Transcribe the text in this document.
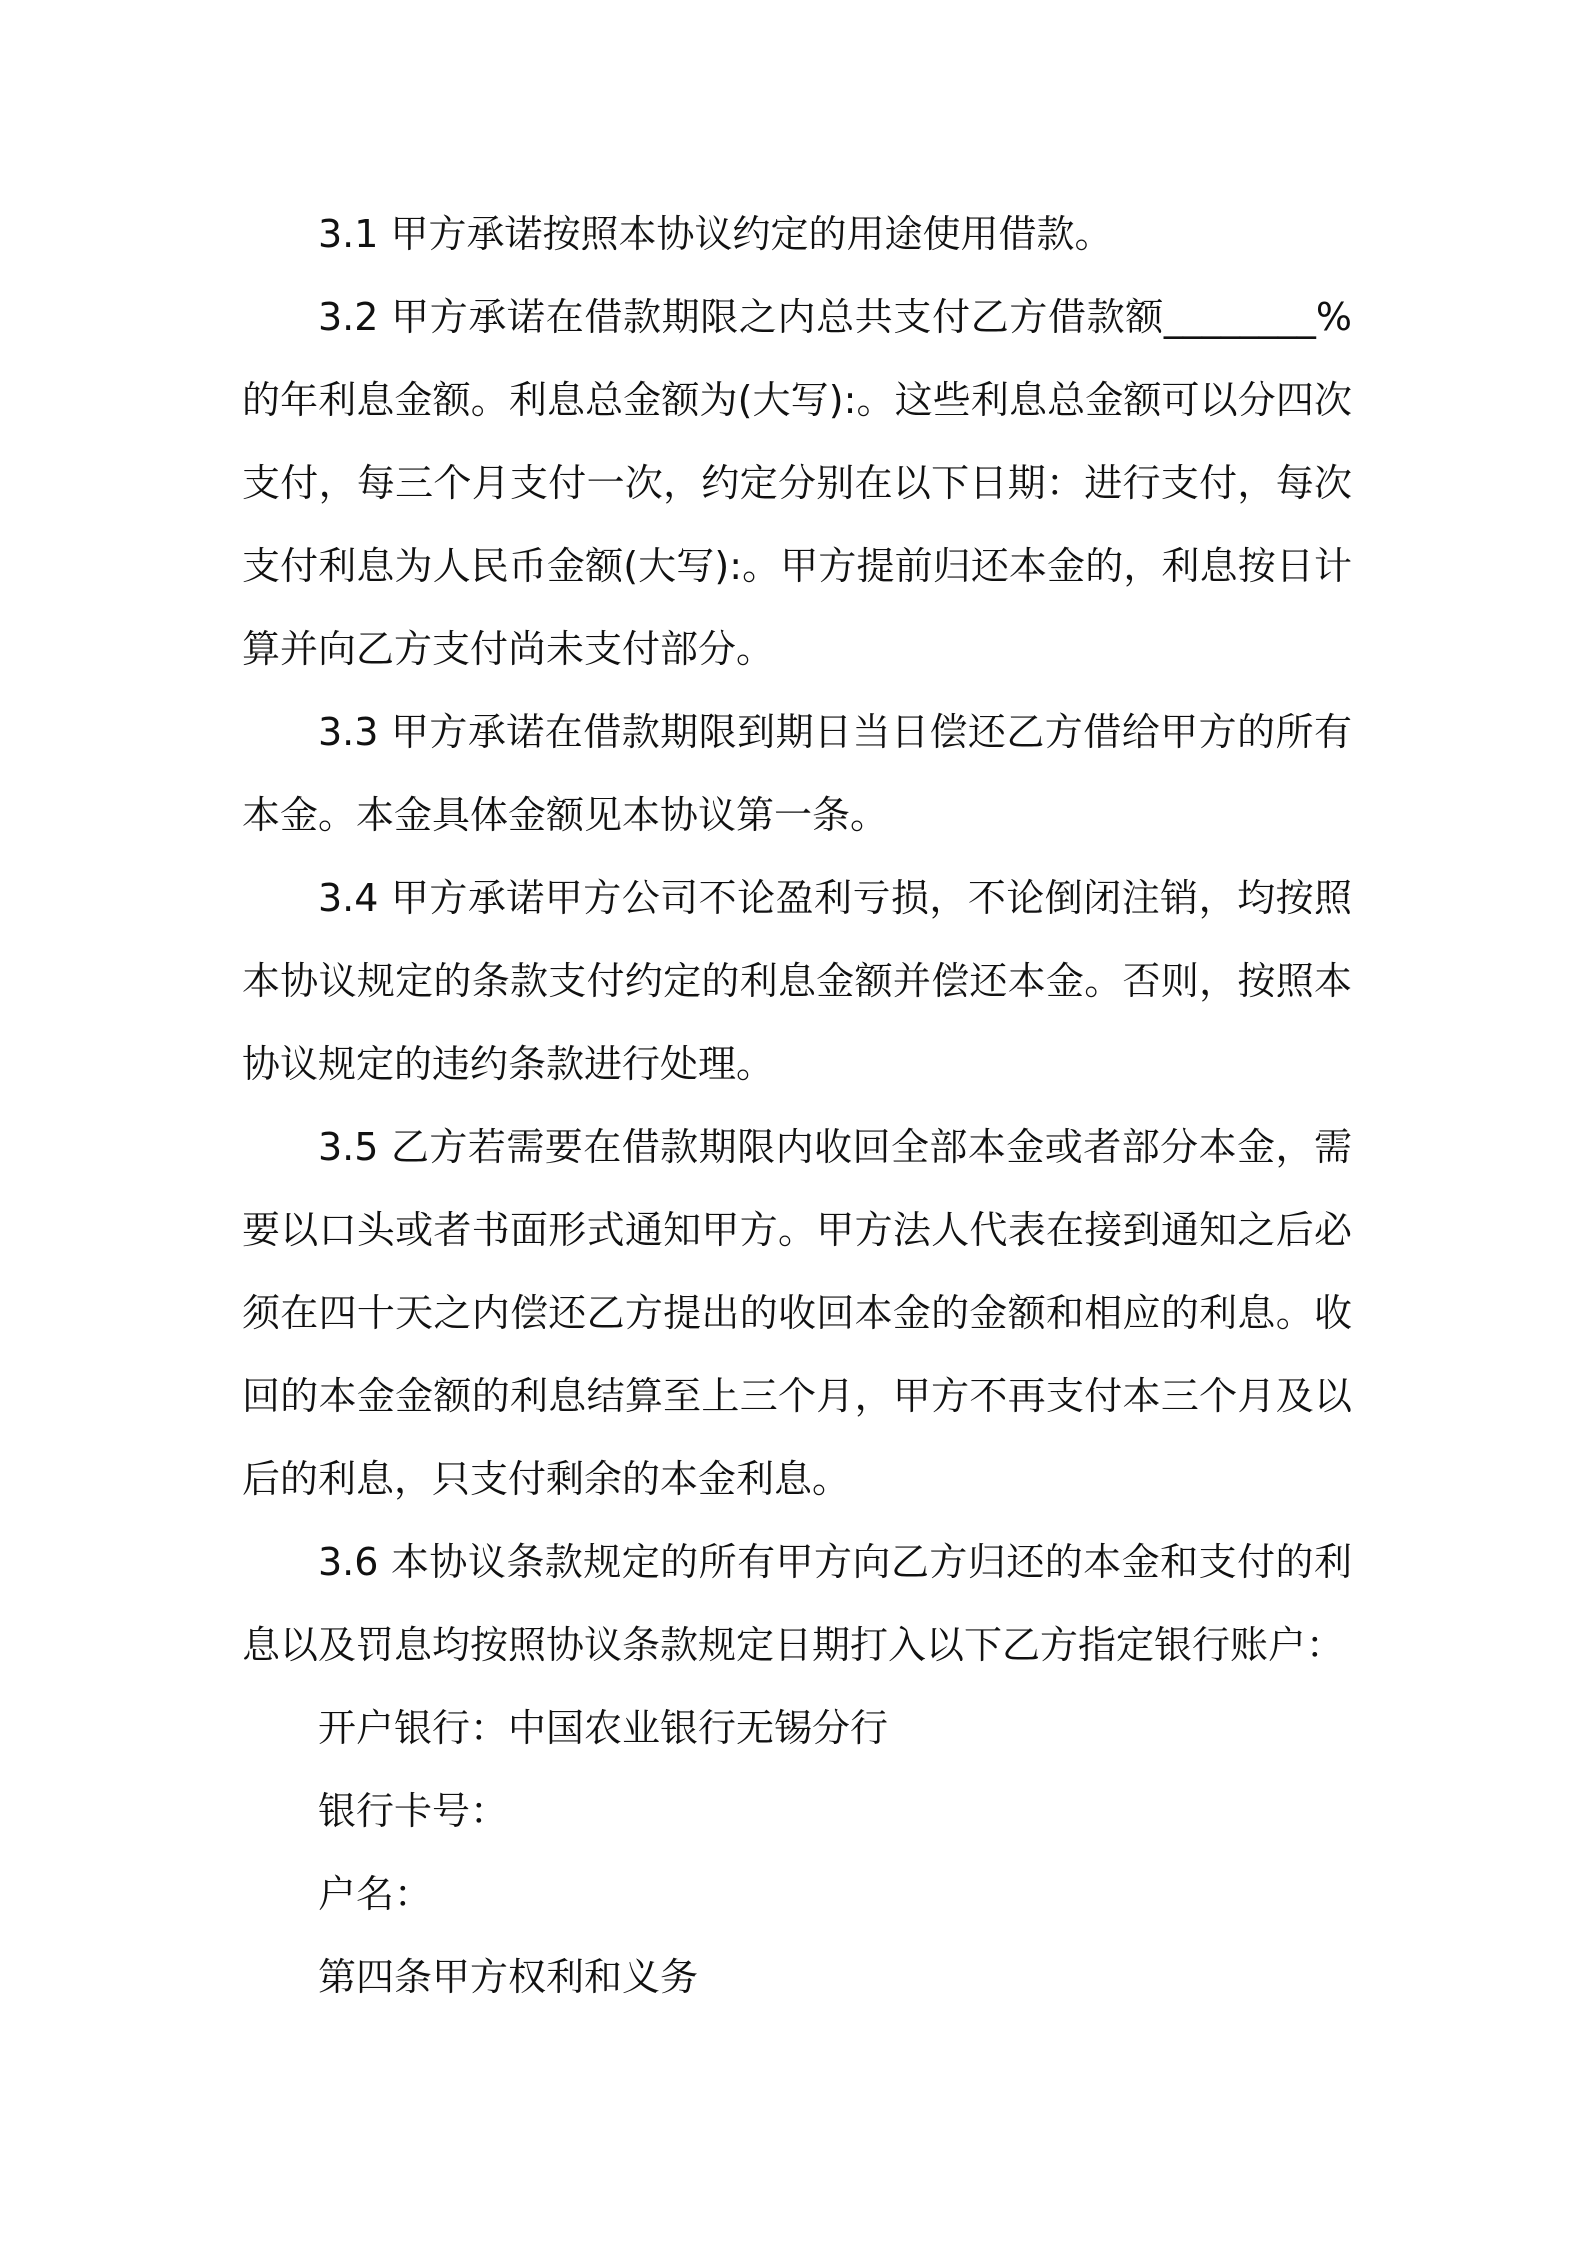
3.1 甲方承诺按照本协议约定的用途使用借款。

3.2 甲方承诺在借款期限之内总共支付乙方借款额________%的年利息金额。利息总金额为(大写):。这些利息总金额可以分四次支付，每三个月支付一次，约定分别在以下日期：进行支付，每次支付利息为人民币金额(大写):。甲方提前归还本金的，利息按日计算并向乙方支付尚未支付部分。

3.3 甲方承诺在借款期限到期日当日偿还乙方借给甲方的所有本金。本金具体金额见本协议第一条。

3.4 甲方承诺甲方公司不论盈利亏损，不论倒闭注销，均按照本协议规定的条款支付约定的利息金额并偿还本金。否则，按照本协议规定的违约条款进行处理。

3.5 乙方若需要在借款期限内收回全部本金或者部分本金，需要以口头或者书面形式通知甲方。甲方法人代表在接到通知之后必须在四十天之内偿还乙方提出的收回本金的金额和相应的利息。收回的本金金额的利息结算至上三个月，甲方不再支付本三个月及以后的利息，只支付剩余的本金利息。

3.6 本协议条款规定的所有甲方向乙方归还的本金和支付的利息以及罚息均按照协议条款规定日期打入以下乙方指定银行账户：

开户银行：中国农业银行无锡分行

银行卡号：

户名：

第四条甲方权利和义务
